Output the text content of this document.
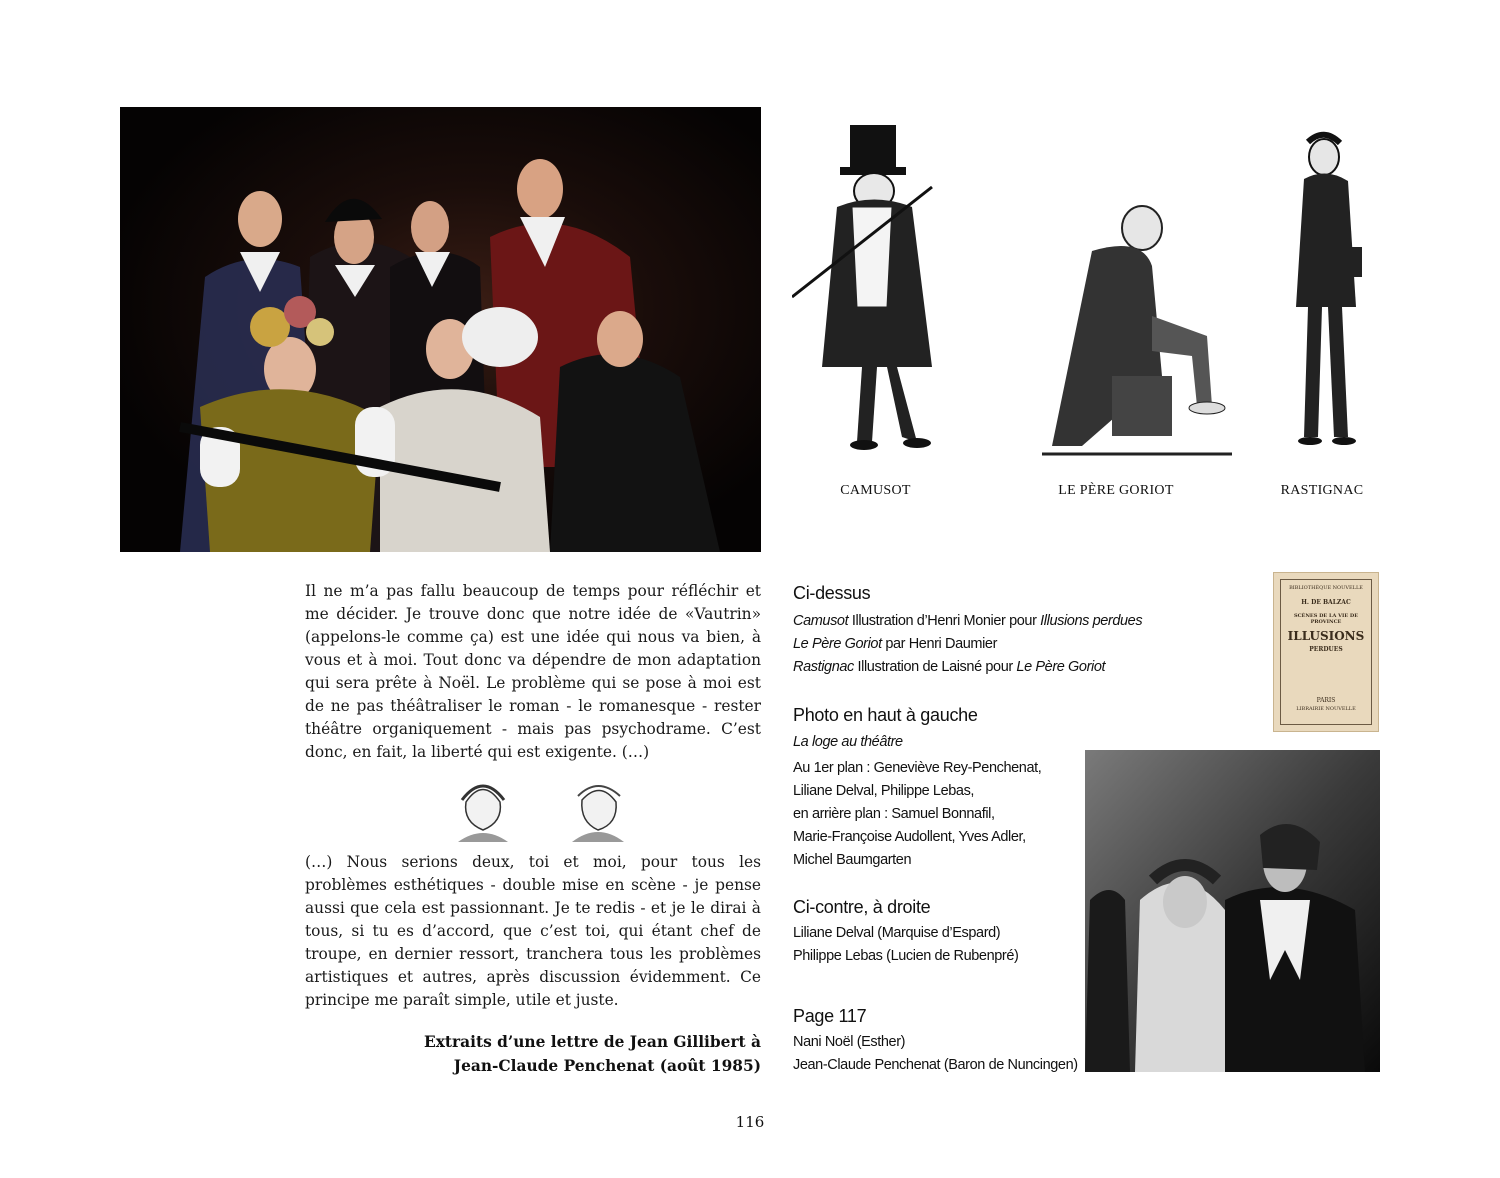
CAMUSOT	LE PÈRE GORIOT	RASTIGNAC
Il ne m’a pas fallu beaucoup de temps pour réfléchir et me décider. Je trouve donc que notre idée de «Vautrin» (appelons-le comme ça) est une idée qui nous va bien, à vous et à moi. Tout donc va dépendre de mon adaptation qui sera prête à Noël. Le problème qui se pose à moi est de ne pas théâtraliser le roman - le romanesque - rester théâtre organiquement - mais pas psychodrame. C’est donc, en fait, la liberté qui est exigente. (…)
(…) Nous serions deux, toi et moi, pour tous les problèmes esthétiques - double mise en scène - je pense aussi que cela est passionnant. Je te redis - et je le dirai à tous, si tu es d’accord, que c’est toi, qui étant chef de troupe, en dernier ressort, tranchera tous les problèmes artistiques et autres, après discussion évidemment. Ce principe me paraît simple, utile et juste.
Extraits d’une lettre de Jean Gillibert à
Jean-Claude Penchenat (août 1985)
Ci-dessus
Camusot Illustration d’Henri Monier pour Illusions perdues
Le Père Goriot par Henri Daumier
Rastignac Illustration de Laisné pour Le Père Goriot
Photo en haut à gauche
La loge au théâtre
Au 1er plan : Geneviève Rey-Penchenat,
Liliane Delval, Philippe Lebas,
en arrière plan : Samuel Bonnafil,
Marie-Françoise Audollent, Yves Adler,
Michel Baumgarten
Ci-contre, à droite
Liliane Delval (Marquise d’Espard)
Philippe Lebas (Lucien de Rubenpré)
Page 117
Nani Noël (Esther)
Jean-Claude Penchenat (Baron de Nuncingen)
BIBLIOTHÈQUE NOUVELLE
H. DE BALZAC
SCÈNES DE LA VIE DE PROVINCE
ILLUSIONS
PERDUES
PARIS
LIBRAIRIE NOUVELLE
116
